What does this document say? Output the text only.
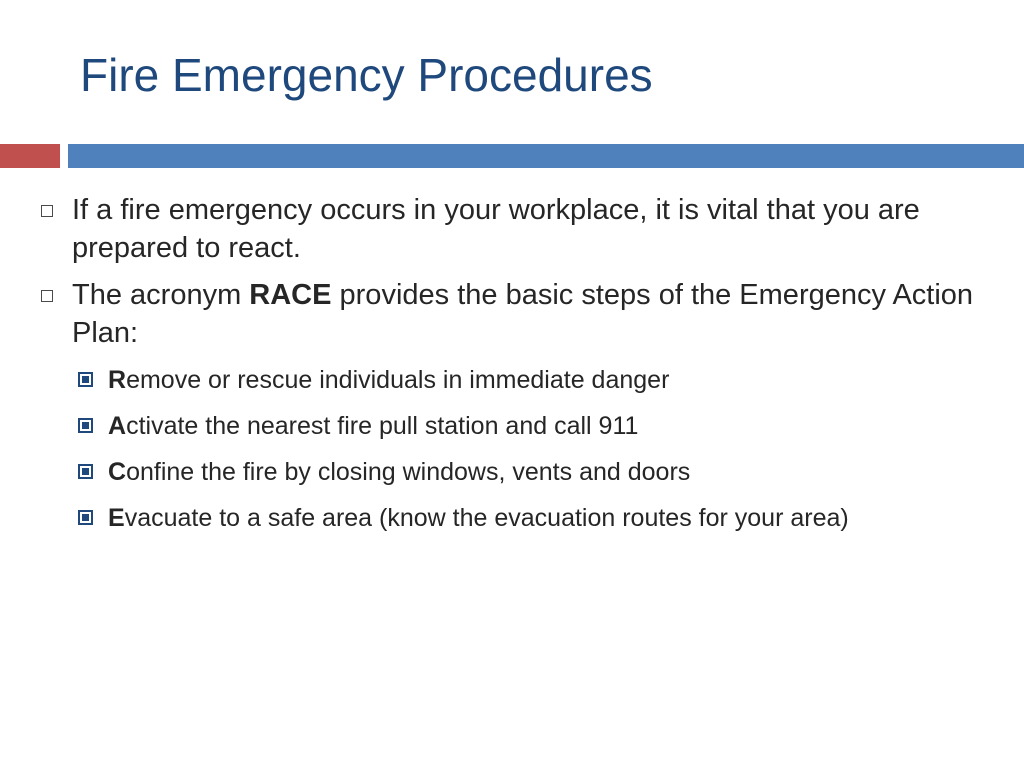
Fire Emergency Procedures
If a fire emergency occurs in your workplace, it is vital that you are prepared to react.
The acronym RACE provides the basic steps of the Emergency Action Plan:
Remove or rescue individuals in immediate danger
Activate the nearest fire pull station and call 911
Confine the fire by closing windows, vents and doors
Evacuate to a safe area (know the evacuation routes for your area)
